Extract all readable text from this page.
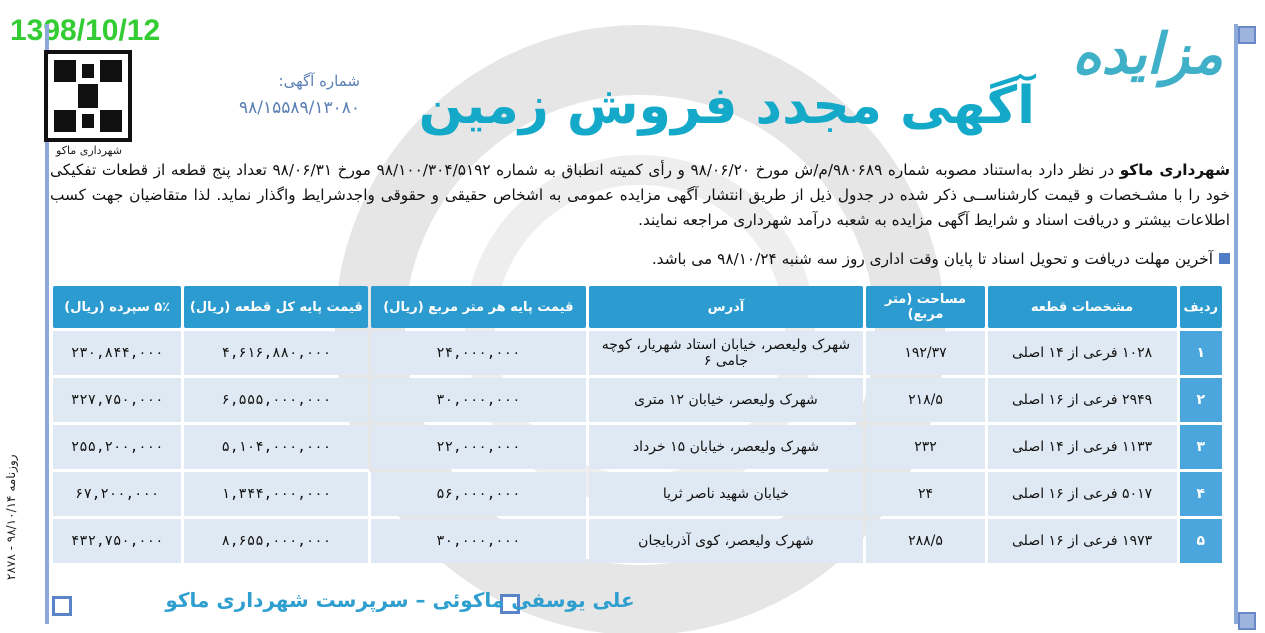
1398/10/12
شهرداری ماکو
شماره آگهی:
۹۸/۱۵۵۸۹/۱۳۰۸۰
مزایده
آگهی مجدد فروش زمین
شهرداری ماکو در نظر دارد به‌استناد مصوبه شماره ۹۸۰۶۸۹/م/ش مورخ ۹۸/۰۶/۲۰ و رأی کمیته انطباق به شماره ۹۸/۱۰۰/۳۰۴/۵۱۹۲ مورخ ۹۸/۰۶/۳۱ تعداد پنج قطعه از قطعات تفکیکی خود را با مشـخصات و قیمت کارشناســی ذکر شده در جدول ذیل از طریق انتشار آگهی مزایده عمومی به اشخاص حقیقی و حقوقی واجدشرایط واگذار نماید. لذا متقاضیان جهت کسب اطلاعات بیشتر و دریافت اسناد و شرایط آگهی مزایده به شعبه درآمد شهرداری مراجعه نمایند.
آخرین مهلت دریافت و تحویل اسناد تا پایان وقت اداری روز سه شنبه ۹۸/۱۰/۲۴ می باشد.
ردیف	مشخصات قطعه	مساحت (متر مربع)	آدرس	قیمت پایه هر متر مربع (ریال)	قیمت پایه کل قطعه (ریال)	۵٪ سپرده (ریال)
۱	۱۰۲۸ فرعی از ۱۴ اصلی	۱۹۲/۳۷	شهرک ولیعصر، خیابان استاد شهریار، کوچه جامی ۶	۲۴,۰۰۰,۰۰۰	۴,۶۱۶,۸۸۰,۰۰۰	۲۳۰,۸۴۴,۰۰۰
۲	۲۹۴۹ فرعی از ۱۶ اصلی	۲۱۸/۵	شهرک ولیعصر، خیابان ۱۲ متری	۳۰,۰۰۰,۰۰۰	۶,۵۵۵,۰۰۰,۰۰۰	۳۲۷,۷۵۰,۰۰۰
۳	۱۱۳۳ فرعی از ۱۴ اصلی	۲۳۲	شهرک ولیعصر، خیابان ۱۵ خرداد	۲۲,۰۰۰,۰۰۰	۵,۱۰۴,۰۰۰,۰۰۰	۲۵۵,۲۰۰,۰۰۰
۴	۵۰۱۷ فرعی از ۱۶ اصلی	۲۴	خیابان شهید ناصر ثریا	۵۶,۰۰۰,۰۰۰	۱,۳۴۴,۰۰۰,۰۰۰	۶۷,۲۰۰,۰۰۰
۵	۱۹۷۳ فرعی از ۱۶ اصلی	۲۸۸/۵	شهرک ولیعصر، کوی آذربایجان	۳۰,۰۰۰,۰۰۰	۸,۶۵۵,۰۰۰,۰۰۰	۴۳۲,۷۵۰,۰۰۰
روزنامه ۹۸/۱۰/۱۴ - ۲۸۷۸
علی یوسفی ماکوئی – سرپرست شهرداری ماکو
